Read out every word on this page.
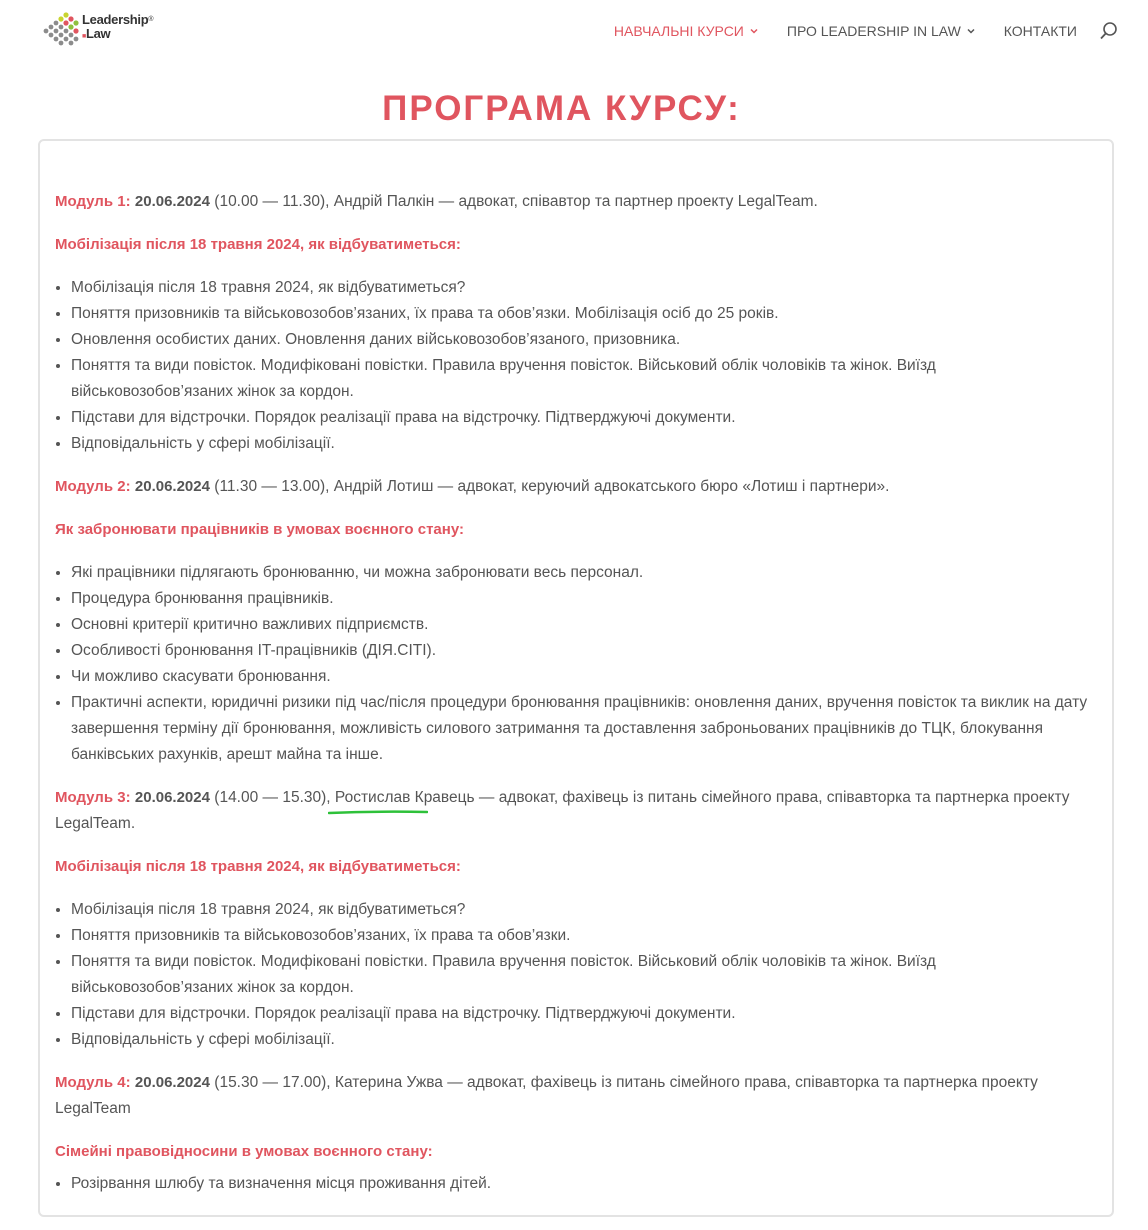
Leadership®
■Law	НАВЧАЛЬНІ КУРСИ	ПРО LEADERSHIP IN LAW	КОНТАКТИ
ПРОГРАМА КУРСУ:

Модуль 1: 20.06.2024 (10.00 — 11.30), Андрій Палкін — адвокат, співавтор та партнер проекту LegalTeam.

Мобілізація після 18 травня 2024, як відбуватиметься:

• Мобілізація після 18 травня 2024, як відбуватиметься?
• Поняття призовників та військовозобов’язаних, їх права та обов’язки. Мобілізація осіб до 25 років.
• Оновлення особистих даних. Оновлення даних військовозобов’язаного, призовника.
• Поняття та види повісток. Модифіковані повістки. Правила вручення повісток. Військовий облік чоловіків та жінок. Виїзд військовозобов’язаних жінок за кордон.
• Підстави для відстрочки. Порядок реалізації права на відстрочку. Підтверджуючі документи.
• Відповідальність у сфері мобілізації.

Модуль 2: 20.06.2024 (11.30 — 13.00), Андрій Лотиш — адвокат, керуючий адвокатського бюро «Лотиш і партнери».

Як забронювати працівників в умовах воєнного стану:

• Які працівники підлягають бронюванню, чи можна забронювати весь персонал.
• Процедура бронювання працівників.
• Основні критерії критично важливих підприємств.
• Особливості бронювання IT-працівників (ДІЯ.СІТІ).
• Чи можливо скасувати бронювання.
• Практичні аспекти, юридичні ризики під час/після процедури бронювання працівників: оновлення даних, вручення повісток та виклик на дату завершення терміну дії бронювання, можливість силового затримання та доставлення заброньованих працівників до ТЦК, блокування банківських рахунків, арешт майна та інше.

Модуль 3: 20.06.2024 (14.00 — 15.30), Ростислав Кравець — адвокат, фахівець із питань сімейного права, співавторка та партнерка проекту LegalTeam.

Мобілізація після 18 травня 2024, як відбуватиметься:

• Мобілізація після 18 травня 2024, як відбуватиметься?
• Поняття призовників та військовозобов’язаних, їх права та обов’язки.
• Поняття та види повісток. Модифіковані повістки. Правила вручення повісток. Військовий облік чоловіків та жінок. Виїзд військовозобов’язаних жінок за кордон.
• Підстави для відстрочки. Порядок реалізації права на відстрочку. Підтверджуючі документи.
• Відповідальність у сфері мобілізації.

Модуль 4: 20.06.2024 (15.30 — 17.00), Катерина Ужва — адвокат, фахівець із питань сімейного права, співавторка та партнерка проекту LegalTeam

Сімейні правовідносини в умовах воєнного стану:

• Розірвання шлюбу та визначення місця проживання дітей.
